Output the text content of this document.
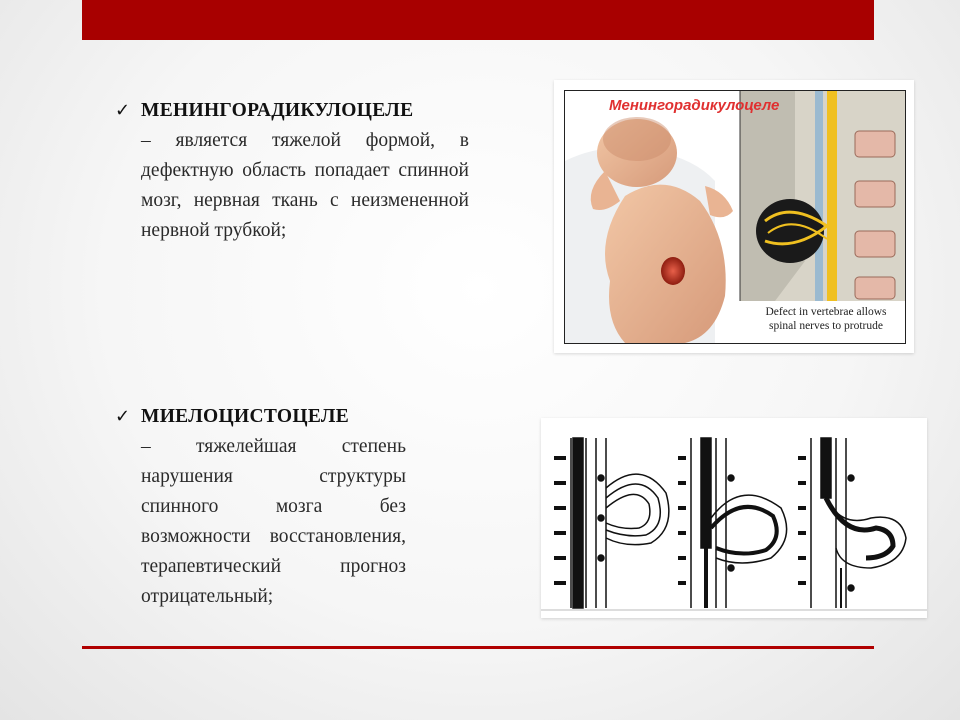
✓ МЕНИНГОРАДИКУЛОЦЕЛЕ
– является тяжелой формой, в дефектную область попадает спинной мозг, нервная ткань с неизмененной нервной трубкой;
✓ МИЕЛОЦИСТОЦЕЛЕ
– тяжелейшая степень нарушения структуры спинного мозга без возможности восстановления, терапевтический прогноз отрицательный;
Менингорадикулоцеле
Defect in vertebrae allows
spinal nerves to protrude
